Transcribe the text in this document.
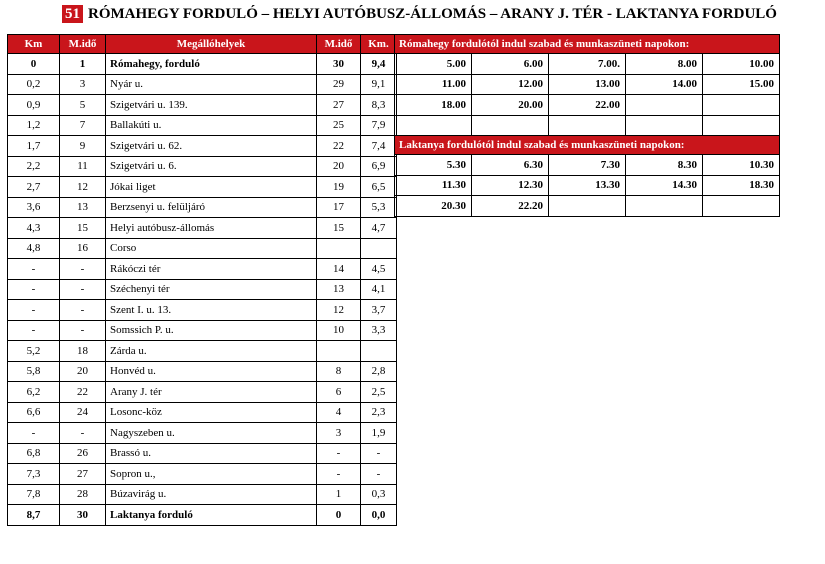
51 RÓMAHEGY FORDULÓ – HELYI AUTÓBUSZ-ÁLLOMÁS – ARANY J. TÉR - LAKTANYA FORDULÓ
Km	M.idő	Megállóhelyek	M.idő	Km.
0	1	Rómahegy, forduló	30	9,4
0,2	3	Nyár u.	29	9,1
0,9	5	Szigetvári u. 139.	27	8,3
1,2	7	Ballakúti u.	25	7,9
1,7	9	Szigetvári u. 62.	22	7,4
2,2	11	Szigetvári u. 6.	20	6,9
2,7	12	Jókai liget	19	6,5
3,6	13	Berzsenyi u. felüljáró	17	5,3
4,3	15	Helyi autóbusz-állomás	15	4,7
4,8	16	Corso		
-	-	Rákóczi tér	14	4,5
-	-	Széchenyi tér	13	4,1
-	-	Szent I. u. 13.	12	3,7
-	-	Somssich P. u.	10	3,3
5,2	18	Zárda u.		
5,8	20	Honvéd u.	8	2,8
6,2	22	Arany J. tér	6	2,5
6,6	24	Losonc-köz	4	2,3
-	-	Nagyszeben u.	3	1,9
6,8	26	Brassó u.	-	-
7,3	27	Sopron u.,	-	-
7,8	28	Búzavirág u.	1	0,3
8,7	30	Laktanya forduló	0	0,0
Rómahegy fordulótól indul szabad és munkaszüneti napokon:				
5.00	6.00	7.00.	8.00	10.00
11.00	12.00	13.00	14.00	15.00
18.00	20.00	22.00		

Laktanya fordulótól indul szabad és munkaszüneti napokon:				
5.30	6.30	7.30	8.30	10.30
11.30	12.30	13.30	14.30	18.30
20.30	22.20			
